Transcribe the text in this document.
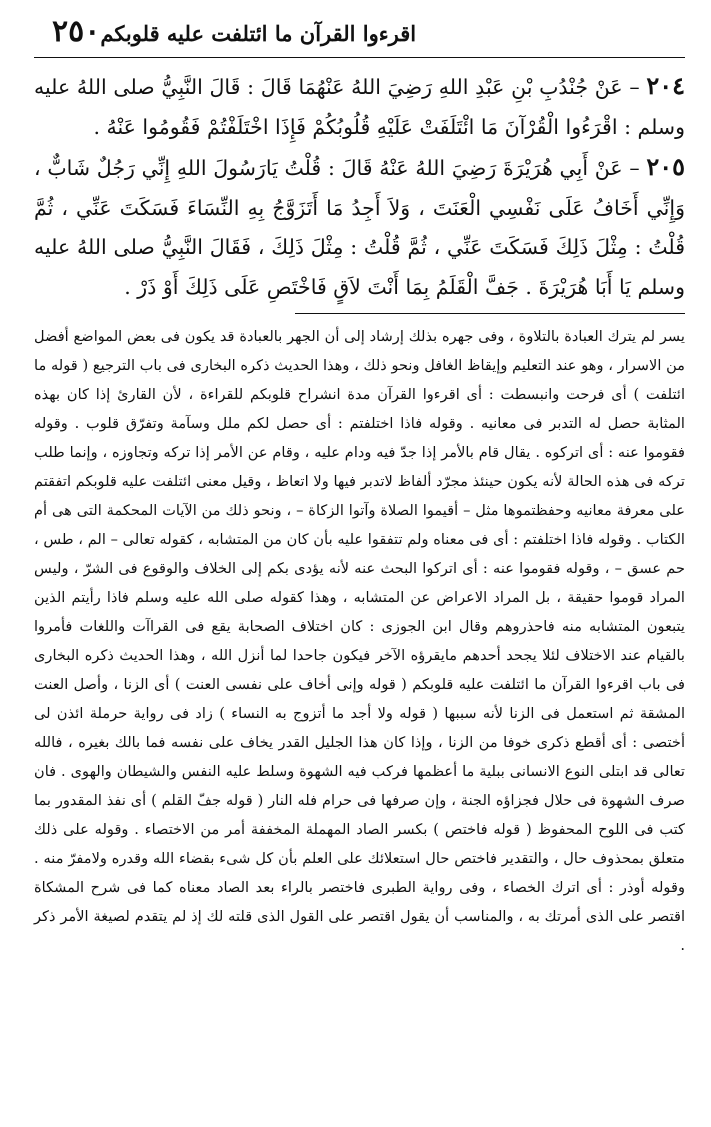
٢٥٠ اقرءوا القرآن ما ائتلفت عليه قلوبكم
٢٠٤ – عَنْ جُنْدُبِ بْنِ عَبْدِ اللهِ رَضِيَ اللهُ عَنْهُمَا قَالَ : قَالَ النَّبِيُّ صلى اللهُ عليه وسلم : اقْرَءُوا الْقُرْآنَ مَا ائْتَلَفَتْ عَلَيْهِ قُلُوبُكُمْ فَإِذَا اخْتَلَفْتُمْ فَقُومُوا عَنْهُ .
٢٠٥ – عَنْ أَبِي هُرَيْرَةَ رَضِيَ اللهُ عَنْهُ قَالَ : قُلْتُ يَارَسُولَ اللهِ إِنِّي رَجُلٌ شَابٌّ ، وَإِنِّي أَخَافُ عَلَى نَفْسِي الْعَنَتَ ، وَلاَ أَجِدُ مَا أَتَزَوَّجُ بِهِ النِّسَاءَ فَسَكَتَ عَنِّي ، ثُمَّ قُلْتُ : مِثْلَ ذَلِكَ فَسَكَتَ عَنِّي ، ثُمَّ قُلْتُ : مِثْلَ ذَلِكَ ، فَقَالَ النَّبِيُّ صلى اللهُ عليه وسلم يَا أَبَا هُرَيْرَةَ . جَفَّ الْقَلَمُ بِمَا أَنْتَ لاَقٍ فَاخْتَصِ عَلَى ذَلِكَ أَوْ ذَرْ .

يسر لم يترك العبادة بالتلاوة ، وفى جهره بذلك إرشاد إلى أن الجهر بالعبادة قد يكون فى بعض المواضع أفضل من الاسرار ، وهو عند التعليم وإيقاظ الغافل ونحو ذلك ، وهذا الحديث ذكره البخارى فى باب الترجيع ( قوله ما ائتلفت ) أى فرحت وانبسطت : أى اقرءوا القرآن مدة انشراح قلوبكم للقراءة ، لأن القارئ إذا كان بهذه المثابة حصل له التدبر فى معانيه . وقوله فاذا اختلفتم : أى حصل لكم ملل وسآمة وتفرّق قلوب . وقوله فقوموا عنه : أى اتركوه . يقال قام بالأمر إذا جدّ فيه ودام عليه ، وقام عن الأمر إذا تركه وتجاوزه ، وإنما طلب تركه فى هذه الحالة لأنه يكون حينئذ مجرّد ألفاظ لاتدبر فيها ولا اتعاظ ، وقيل معنى ائتلفت عليه قلوبكم اتفقتم على معرفة معانيه وحفظتموها مثل – أقيموا الصلاة وآتوا الزكاة – ، ونحو ذلك من الآيات المحكمة التى هى أم الكتاب . وقوله فاذا اختلفتم : أى فى معناه ولم تتفقوا عليه بأن كان من المتشابه ، كقوله تعالى – الم ، طس ، حم عسق – ، وقوله فقوموا عنه : أى اتركوا البحث عنه لأنه يؤدى بكم إلى الخلاف والوقوع فى الشرّ ، وليس المراد قوموا حقيقة ، بل المراد الاعراض عن المتشابه ، وهذا كقوله صلى الله عليه وسلم فاذا رأيتم الذين يتبعون المتشابه منه فاحذروهم وقال ابن الجوزى : كان اختلاف الصحابة يقع فى القراآت واللغات فأمروا بالقيام عند الاختلاف لئلا يجحد أحدهم مايقرؤه الآخر فيكون جاحدا لما أنزل الله ، وهذا الحديث ذكره البخارى فى باب اقرءوا القرآن ما ائتلفت عليه قلوبكم ( قوله وإنى أخاف على نفسى العنت ) أى الزنا ، وأصل العنت المشقة ثم استعمل فى الزنا لأنه سببها ( قوله ولا أجد ما أتزوج به النساء ) زاد فى رواية حرملة ائذن لى أختصى : أى أقطع ذكرى خوفا من الزنا ، وإذا كان هذا الجليل القدر يخاف على نفسه فما بالك بغيره ، فالله تعالى قد ابتلى النوع الانسانى ببلية ما أعظمها فركب فيه الشهوة وسلط عليه النفس والشيطان والهوى . فان صرف الشهوة فى حلال فجزاؤه الجنة ، وإن صرفها فى حرام فله النار ( قوله جفّ القلم ) أى نفذ المقدور بما كتب فى اللوح المحفوظ ( قوله فاختص ) بكسر الصاد المهملة المخففة أمر من الاختصاء . وقوله على ذلك متعلق بمحذوف حال ، والتقدير فاختص حال استعلائك على العلم بأن كل شىء بقضاء الله وقدره ولامفرّ منه . وقوله أوذر : أى اترك الخصاء ، وفى رواية الطبرى فاختصر بالراء بعد الصاد معناه كما فى شرح المشكاة اقتصر على الذى أمرتك به ، والمناسب أن يقول اقتصر على القول الذى قلته لك إذ لم يتقدم لصيغة الأمر ذكر .
